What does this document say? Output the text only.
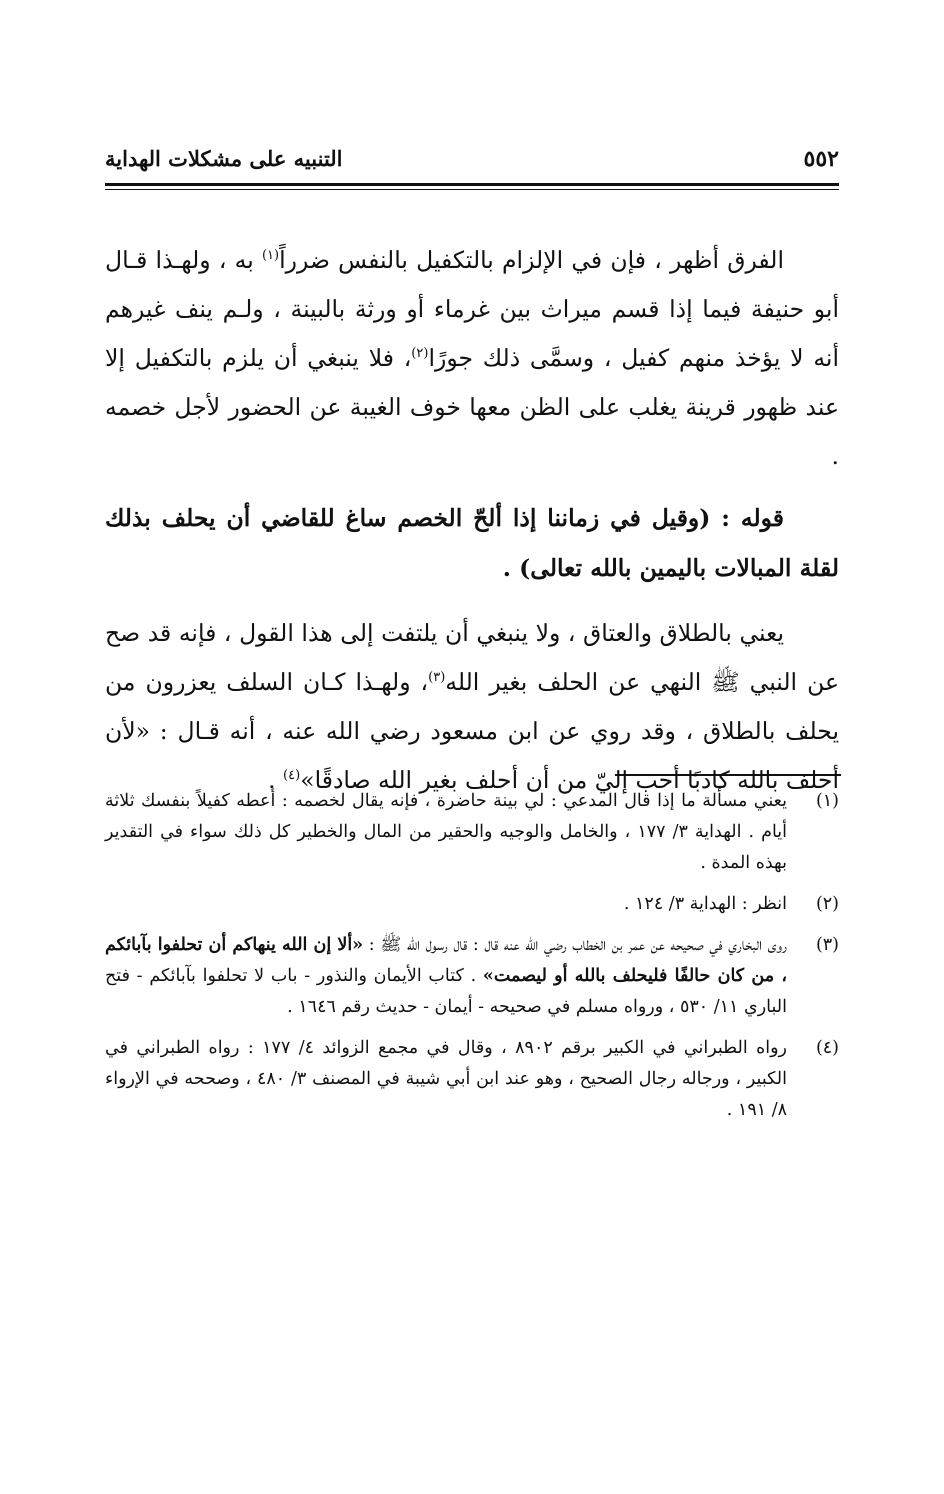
٥٥٢
التنبيه على مشكلات الهداية

الفرق أظهر ، فإن في الإلزام بالتكفيل بالنفس ضرراً$^{(١)}$ به ، ولهـذا قـال أبو حنيفة فيما إذا قسم ميراث بين غرماء أو ورثة بالبينة ، ولـم ينف غيرهم أنه لا يؤخذ منهم كفيل ، وسمَّى ذلك جورًا$^{(٢)}$، فلا ينبغي أن يلزم بالتكفيل إلا عند ظهور قرينة يغلب على الظن معها خوف الغيبة عن الحضور لأجل خصمه .

قوله : (وقيل في زماننا إذا ألحّ الخصم ساغ للقاضي أن يحلف بذلك لقلة المبالات باليمين بالله تعالى) .

يعني بالطلاق والعتاق ، ولا ينبغي أن يلتفت إلى هذا القول ، فإنه قد صح عن النبي ﷺ النهي عن الحلف بغير الله$^{(٣)}$، ولهـذا كـان السلف يعزرون من يحلف بالطلاق ، وقد روي عن ابن مسعود رضي الله عنه ، أنه قـال : «لأن أحلف بالله كاذبًا أحب إليّ من أن أحلف بغير الله صادقًا»$^{(٤)}$ .

(١)
يعني مسألة ما إذا قال المدعي : لي بينة حاضرة ، فإنه يقال لخصمه : أعطه كفيلاً بنفسك ثلاثة أيام . الهداية ٣/ ١٧٧ ، والخامل والوجيه والحقير من المال والخطير كل ذلك سواء في التقدير بهذه المدة .
(٢)
انظر : الهداية ٣/ ١٢٤ .
(٣)
روى البخاري في صحيحه عن عمر بن الخطاب رضي الله عنه قال : قال رسول الله ﷺ : «ألا إن الله ينهاكم أن تحلفوا بآبائكم ، من كان حالفًا فليحلف بالله أو ليصمت» . كتاب الأيمان والنذور - باب لا تحلفوا بآبائكم - فتح الباري ١١/ ٥٣٠ ، ورواه مسلم في صحيحه - أيمان - حديث رقم ١٦٤٦ .
(٤)
رواه الطبراني في الكبير برقم ٨٩٠٢ ، وقال في مجمع الزوائد ٤/ ١٧٧ : رواه الطبراني في الكبير ، ورجاله رجال الصحيح ، وهو عند ابن أبي شيبة في المصنف ٣/ ٤٨٠ ، وصححه في الإرواء ٨/ ١٩١ .
